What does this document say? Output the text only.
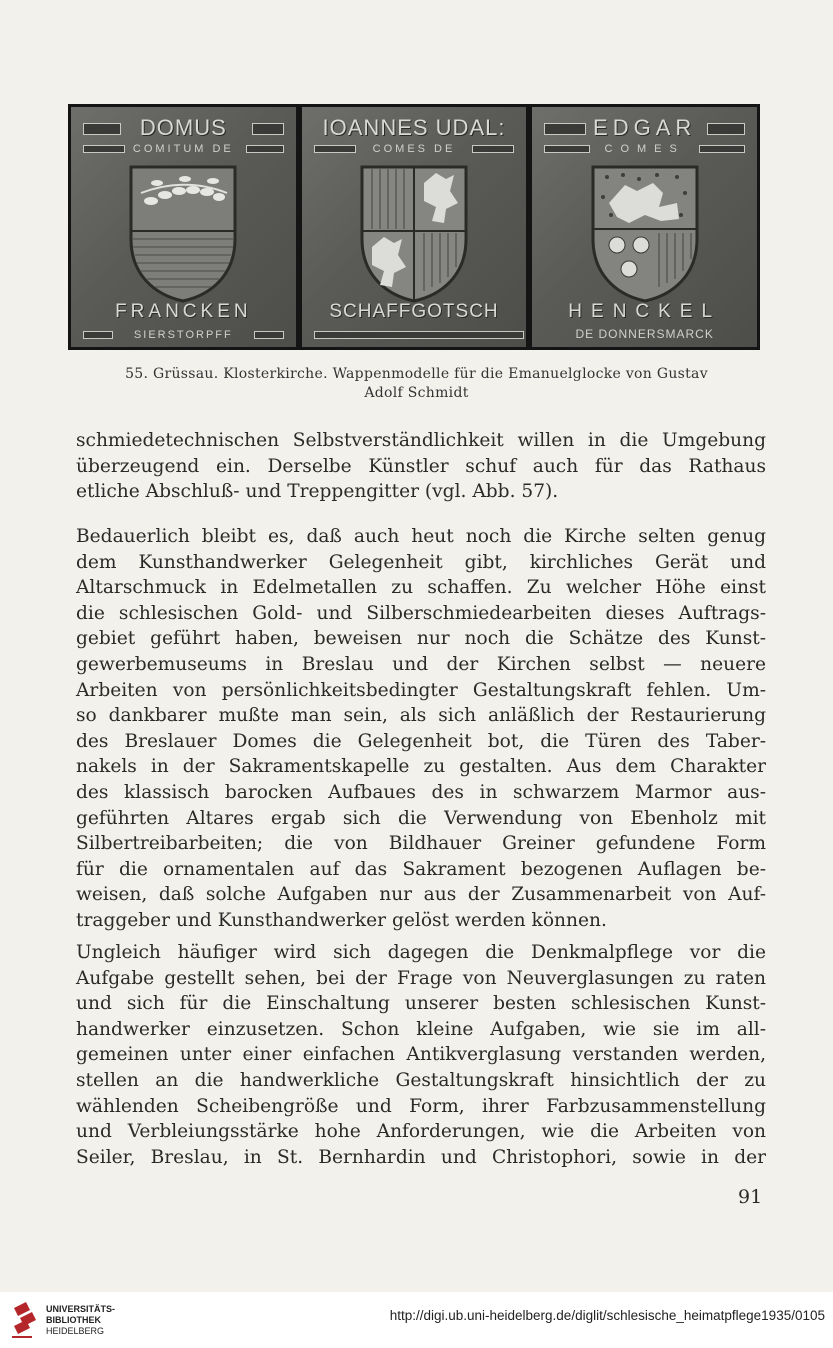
DOMUS
COMITUM DE
FRANCKEN
SIERSTORPFF
IOANNES UDAL:
COMES DE
SCHAFFGOTSCH
EDGAR
COMES
HENCKEL
DE DONNERSMARCK
55. Grüssau. Klosterkirche. Wappenmodelle für die Emanuelglocke von Gustav
Adolf Schmidt
schmiedetechnischen Selbstverständlichkeit willen in die Umgebung
überzeugend ein. Derselbe Künstler schuf auch für das Rathaus
etliche Abschluß- und Treppengitter (vgl. Abb. 57).
Bedauerlich bleibt es, daß auch heut noch die Kirche selten genug
dem Kunsthandwerker Gelegenheit gibt, kirchliches Gerät und
Altarschmuck in Edelmetallen zu schaffen. Zu welcher Höhe einst
die schlesischen Gold- und Silberschmiedearbeiten dieses Auftrags-
gebiet geführt haben, beweisen nur noch die Schätze des Kunst-
gewerbemuseums in Breslau und der Kirchen selbst — neuere
Arbeiten von persönlichkeitsbedingter Gestaltungskraft fehlen. Um-
so dankbarer mußte man sein, als sich anläßlich der Restaurierung
des Breslauer Domes die Gelegenheit bot, die Türen des Taber-
nakels in der Sakramentskapelle zu gestalten. Aus dem Charakter
des klassisch barocken Aufbaues des in schwarzem Marmor aus-
geführten Altares ergab sich die Verwendung von Ebenholz mit
Silbertreibarbeiten; die von Bildhauer Greiner gefundene Form
für die ornamentalen auf das Sakrament bezogenen Auflagen be-
weisen, daß solche Aufgaben nur aus der Zusammenarbeit von Auf-
traggeber und Kunsthandwerker gelöst werden können.
Ungleich häufiger wird sich dagegen die Denkmalpflege vor die
Aufgabe gestellt sehen, bei der Frage von Neuverglasungen zu raten
und sich für die Einschaltung unserer besten schlesischen Kunst-
handwerker einzusetzen. Schon kleine Aufgaben, wie sie im all-
gemeinen unter einer einfachen Antikverglasung verstanden werden,
stellen an die handwerkliche Gestaltungskraft hinsichtlich der zu
wählenden Scheibengröße und Form, ihrer Farbzusammenstellung
und Verbleiungsstärke hohe Anforderungen, wie die Arbeiten von
Seiler, Breslau, in St. Bernhardin und Christophori, sowie in der
91
UNIVERSITÄTS-
BIBLIOTHEK
HEIDELBERG
http://digi.ub.uni-heidelberg.de/diglit/schlesische_heimatpflege1935/0105
